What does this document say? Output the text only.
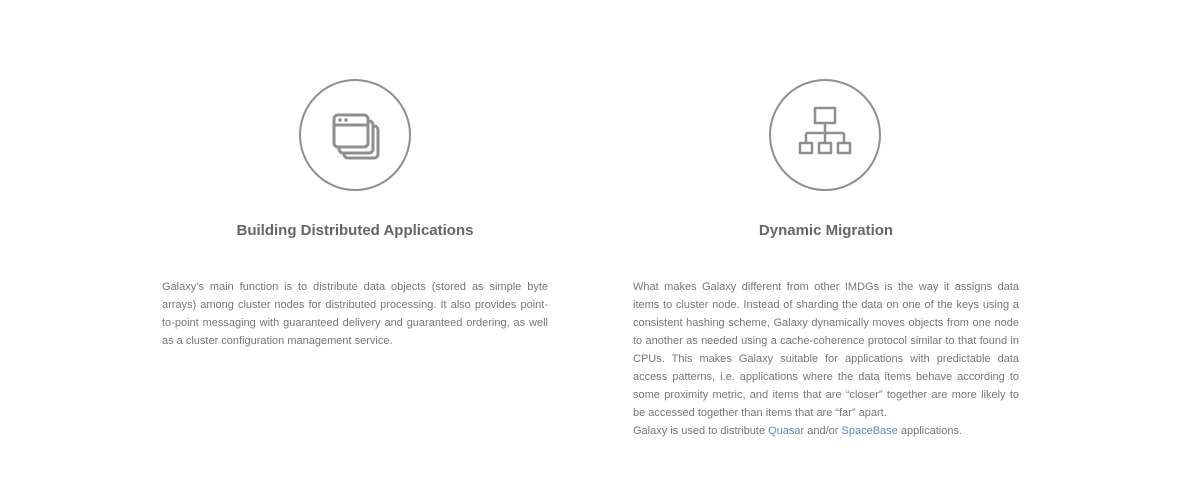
Building Distributed Applications

Galaxy’s main function is to distribute data objects (stored as simple byte arrays) among cluster nodes for distributed processing. It also provides point-to-point messaging with guaranteed delivery and guaranteed ordering, as well as a cluster configuration management service.

Dynamic Migration

What makes Galaxy different from other IMDGs is the way it assigns data items to cluster node. Instead of sharding the data on one of the keys using a consistent hashing scheme, Galaxy dynamically moves objects from one node to another as needed using a cache-coherence protocol similar to that found in CPUs. This makes Galaxy suitable for applications with predictable data access patterns, i.e. applications where the data items behave according to some proximity metric, and items that are “closer” together are more likely to be accessed together than items that are “far” apart.

Galaxy is used to distribute Quasar and/or SpaceBase applications.
